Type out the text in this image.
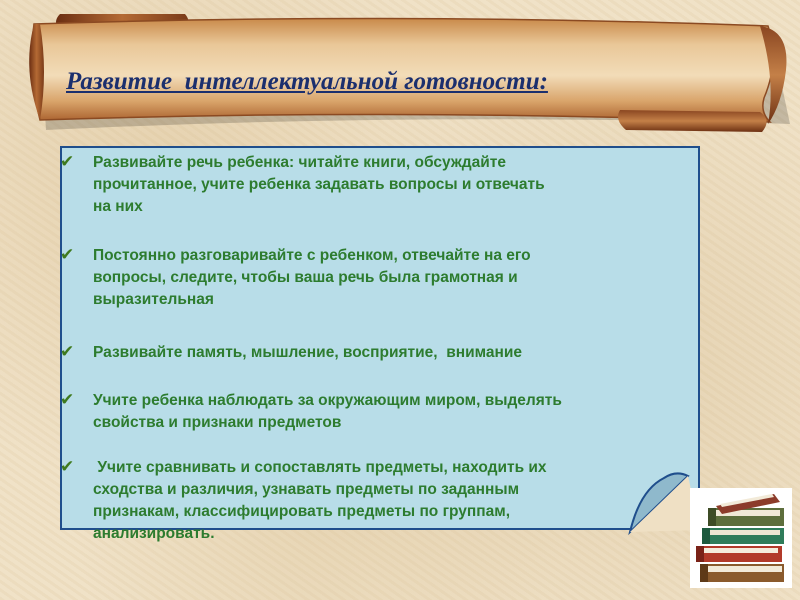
Развитие  интеллектуальной готовности:
✔	Развивайте речь ребенка: читайте книги, обсуждайте
прочитанное, учите ребенка задавать вопросы и отвечать
на них
✔	Постоянно разговаривайте с ребенком, отвечайте на его
вопросы, следите, чтобы ваша речь была грамотная и
выразительная
✔	Развивайте память, мышление, восприятие,  внимание
✔	Учите ребенка наблюдать за окружающим миром, выделять
свойства и признаки предметов
✔	Учите сравнивать и сопоставлять предметы, находить их
сходства и различия, узнавать предметы по заданным
признакам, классифицировать предметы по группам,
анализировать.
